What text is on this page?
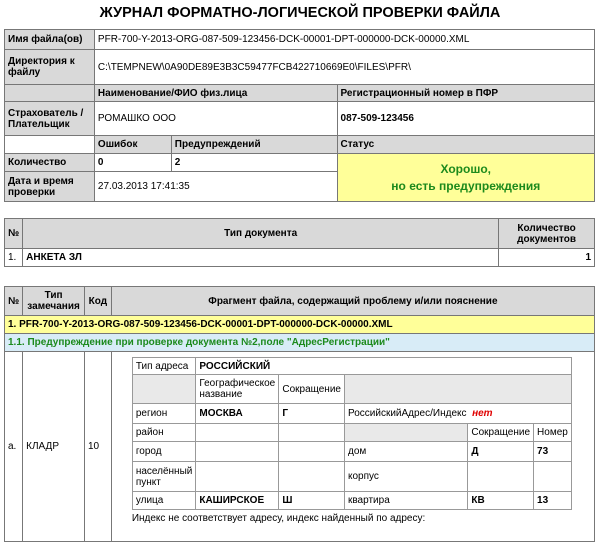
ЖУРНАЛ ФОРМАТНО-ЛОГИЧЕСКОЙ ПРОВЕРКИ ФАЙЛА
Имя файла(ов)	PFR-700-Y-2013-ORG-087-509-123456-DCK-00001-DPT-000000-DCK-00000.XML		
Директория к файлу	C:\TEMPNEW\0A90DE89E3B3C59477FCB422710669E0\FILES\PFR\		
	Наименование/ФИО физ.лица		Регистрационный номер в ПФР
Страхователь / Плательщик	РОМАШКО ООО		087-509-123456
	Ошибок	Предупреждений	Статус
Количество	0	2	Хорошо,
но есть предупреждения

Дата и время проверки	27.03.2013 17:41:35		
№	Тип документа	Количество документов
1.	АНКЕТА ЗЛ	1
№	Тип замечания	Код	Фрагмент файла, содержащий проблему и/или пояснение
1. PFR-700-Y-2013-ORG-087-509-123456-DCK-00001-DPT-000000-DCK-00000.XML
1.1. Предупреждение при проверке документа №2,поле "АдресРегистрации"
a.	КЛАДР	10	
Тип адреса	РОССИЙСКИЙ
	Географическое название	Сокращение	
регион	МОСКВА	Г	РоссийскийАдрес/Индекс нет
район				Сокращение	Номер
город			дом	Д	73
населённый пункт			корпус		
улица	КАШИРСКОЕ	Ш	квартира	КВ	13
Индекс не соответствует адресу, индекс найденный по адресу:
